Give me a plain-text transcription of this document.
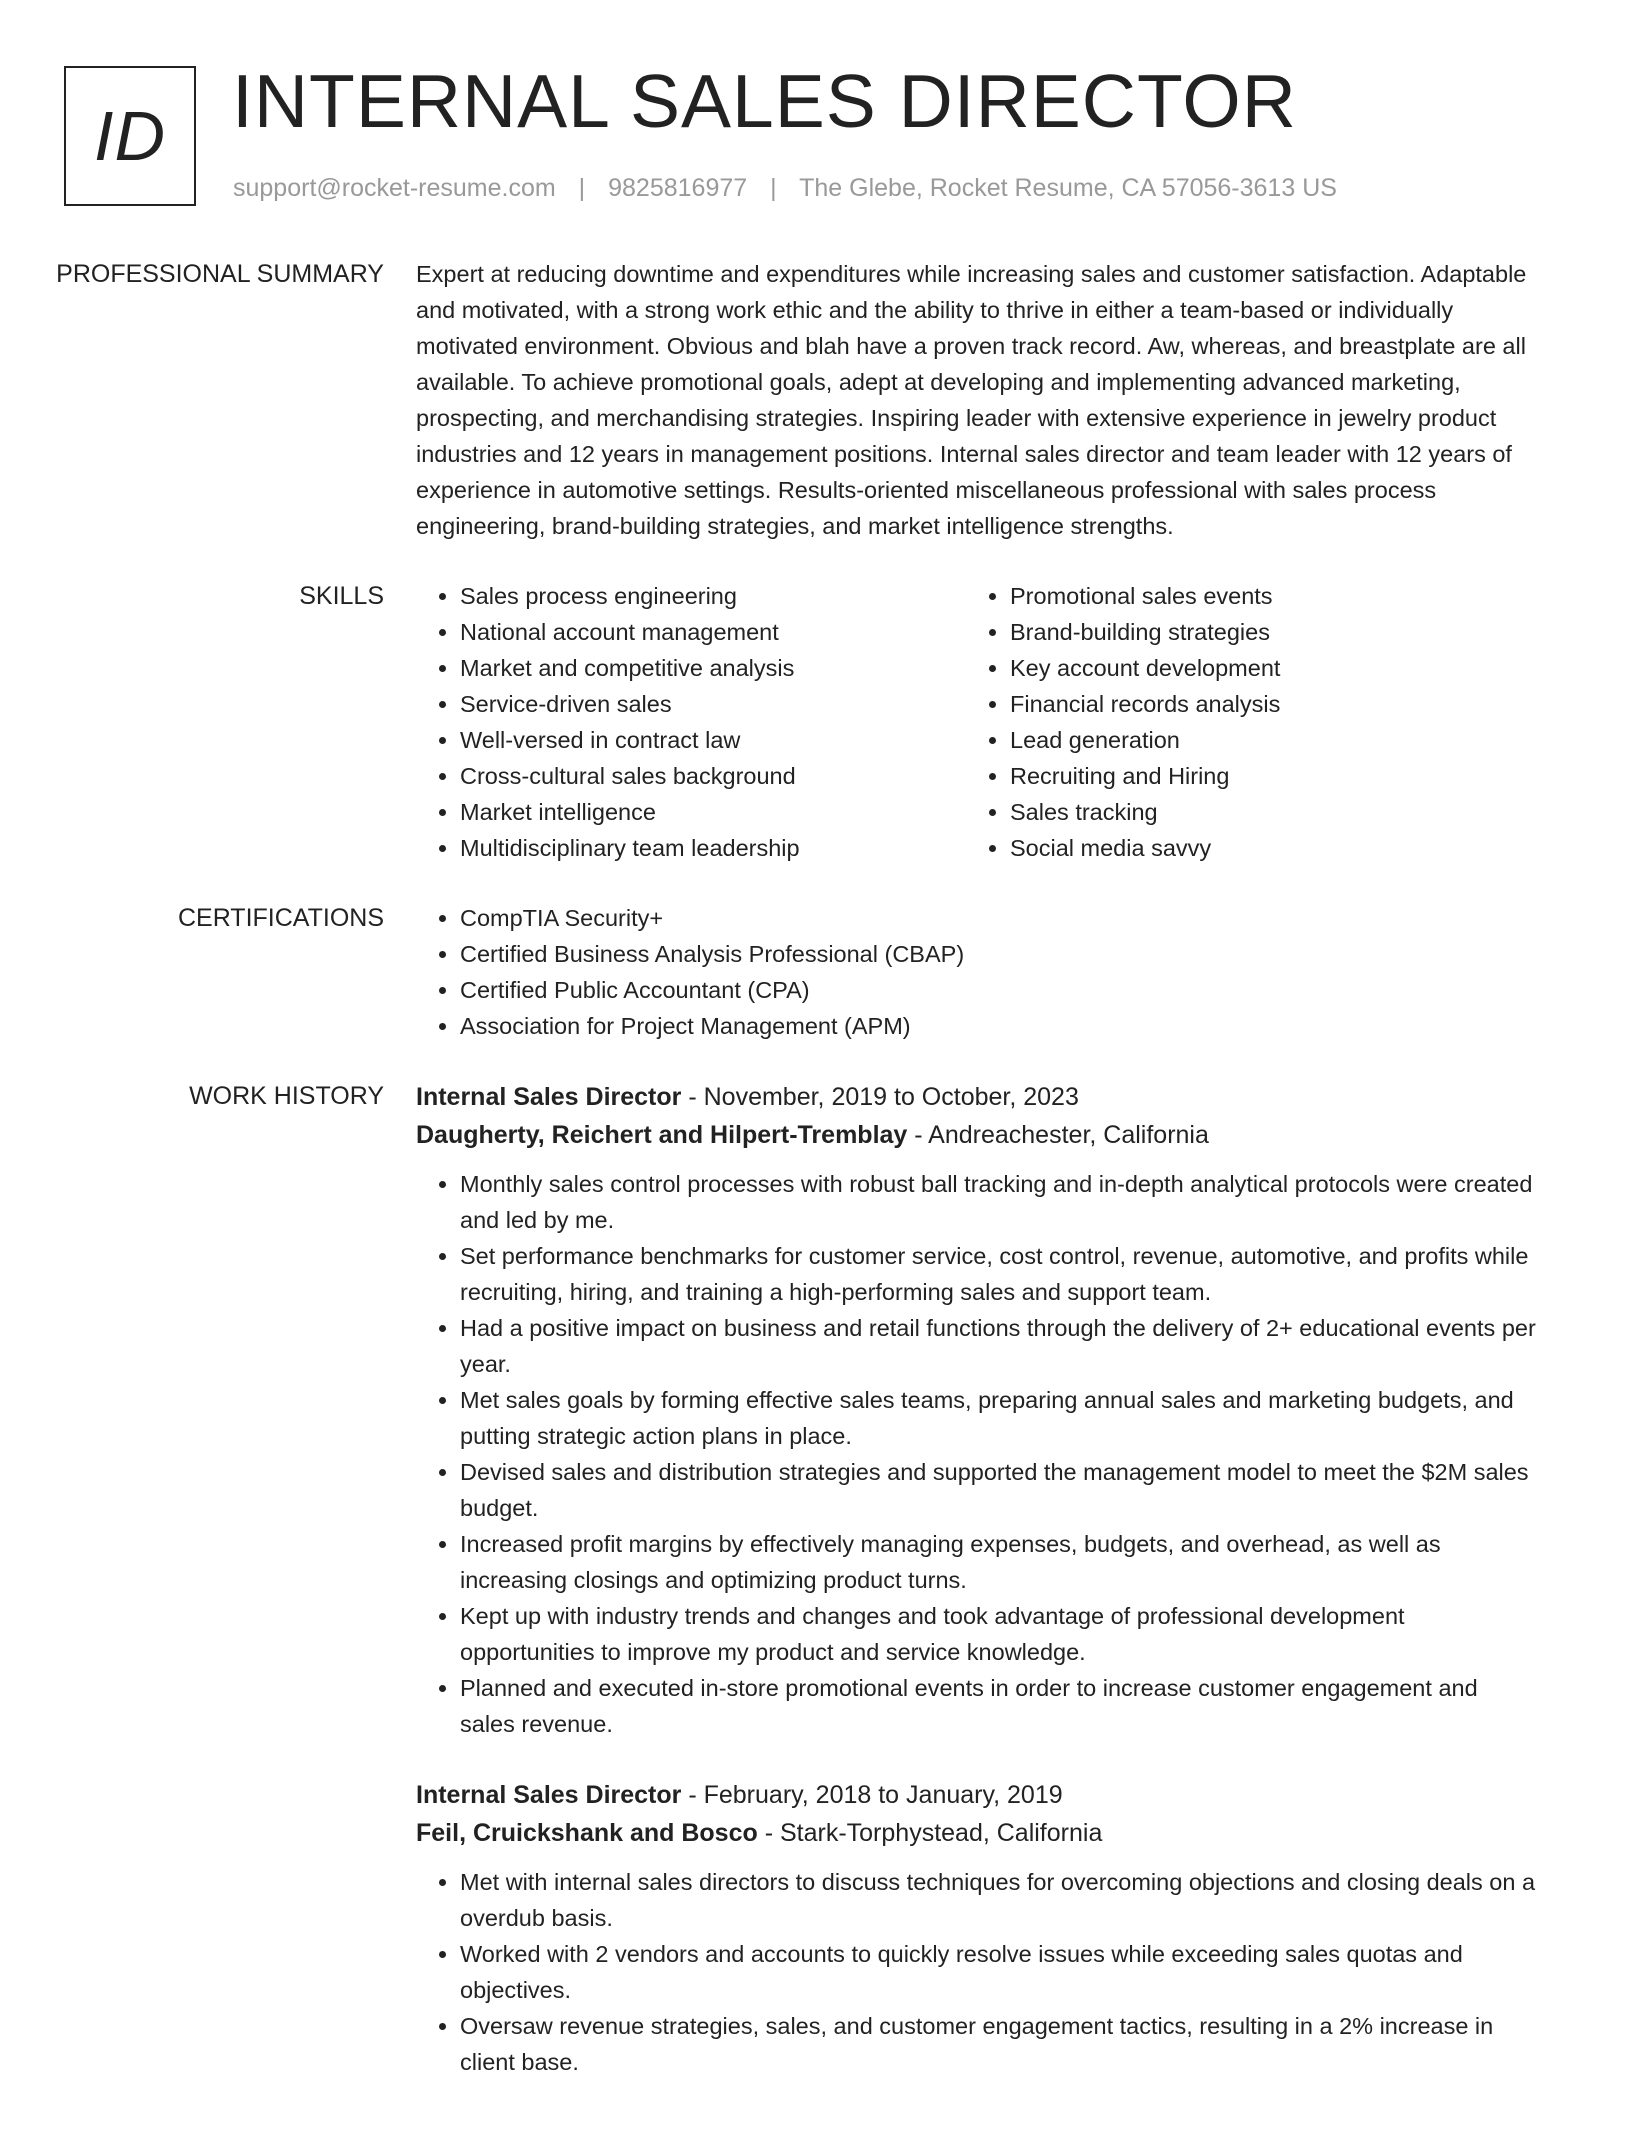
ID INTERNAL SALES DIRECTOR
support@rocket-resume.com | 9825816977 | The Glebe, Rocket Resume, CA 57056-3613 US
PROFESSIONAL SUMMARY	Expert at reducing downtime and expenditures while increasing sales and customer satisfaction. Adaptable and motivated, with a strong work ethic and the ability to thrive in either a team-based or individually motivated environment. Obvious and blah have a proven track record. Aw, whereas, and breastplate are all available. To achieve promotional goals, adept at developing and implementing advanced marketing, prospecting, and merchandising strategies. Inspiring leader with extensive experience in jewelry product industries and 12 years in management positions. Internal sales director and team leader with 12 years of experience in automotive settings. Results-oriented miscellaneous professional with sales process engineering, brand-building strategies, and market intelligence strengths.

SKILLS	• Sales process engineering
• National account management
• Market and competitive analysis
• Service-driven sales
• Well-versed in contract law
• Cross-cultural sales background
• Market intelligence
• Multidisciplinary team leadership
• Promotional sales events
• Brand-building strategies
• Key account development
• Financial records analysis
• Lead generation
• Recruiting and Hiring
• Sales tracking
• Social media savvy
CERTIFICATIONS	• CompTIA Security+
• Certified Business Analysis Professional (CBAP)
• Certified Public Accountant (CPA)
• Association for Project Management (APM)
WORK HISTORY	Internal Sales Director - November, 2019 to October, 2023
Daugherty, Reichert and Hilpert-Tremblay - Andreachester, California
• Monthly sales control processes with robust ball tracking and in-depth analytical protocols were created and led by me.
• Set performance benchmarks for customer service, cost control, revenue, automotive, and profits while recruiting, hiring, and training a high-performing sales and support team.
• Had a positive impact on business and retail functions through the delivery of 2+ educational events per year.
• Met sales goals by forming effective sales teams, preparing annual sales and marketing budgets, and putting strategic action plans in place.
• Devised sales and distribution strategies and supported the management model to meet the $2M sales budget.
• Increased profit margins by effectively managing expenses, budgets, and overhead, as well as increasing closings and optimizing product turns.
• Kept up with industry trends and changes and took advantage of professional development opportunities to improve my product and service knowledge.
• Planned and executed in-store promotional events in order to increase customer engagement and sales revenue.
Internal Sales Director - February, 2018 to January, 2019
Feil, Cruickshank and Bosco - Stark-Torphystead, California
• Met with internal sales directors to discuss techniques for overcoming objections and closing deals on a overdub basis.
• Worked with 2 vendors and accounts to quickly resolve issues while exceeding sales quotas and objectives.
• Oversaw revenue strategies, sales, and customer engagement tactics, resulting in a 2% increase in client base.
